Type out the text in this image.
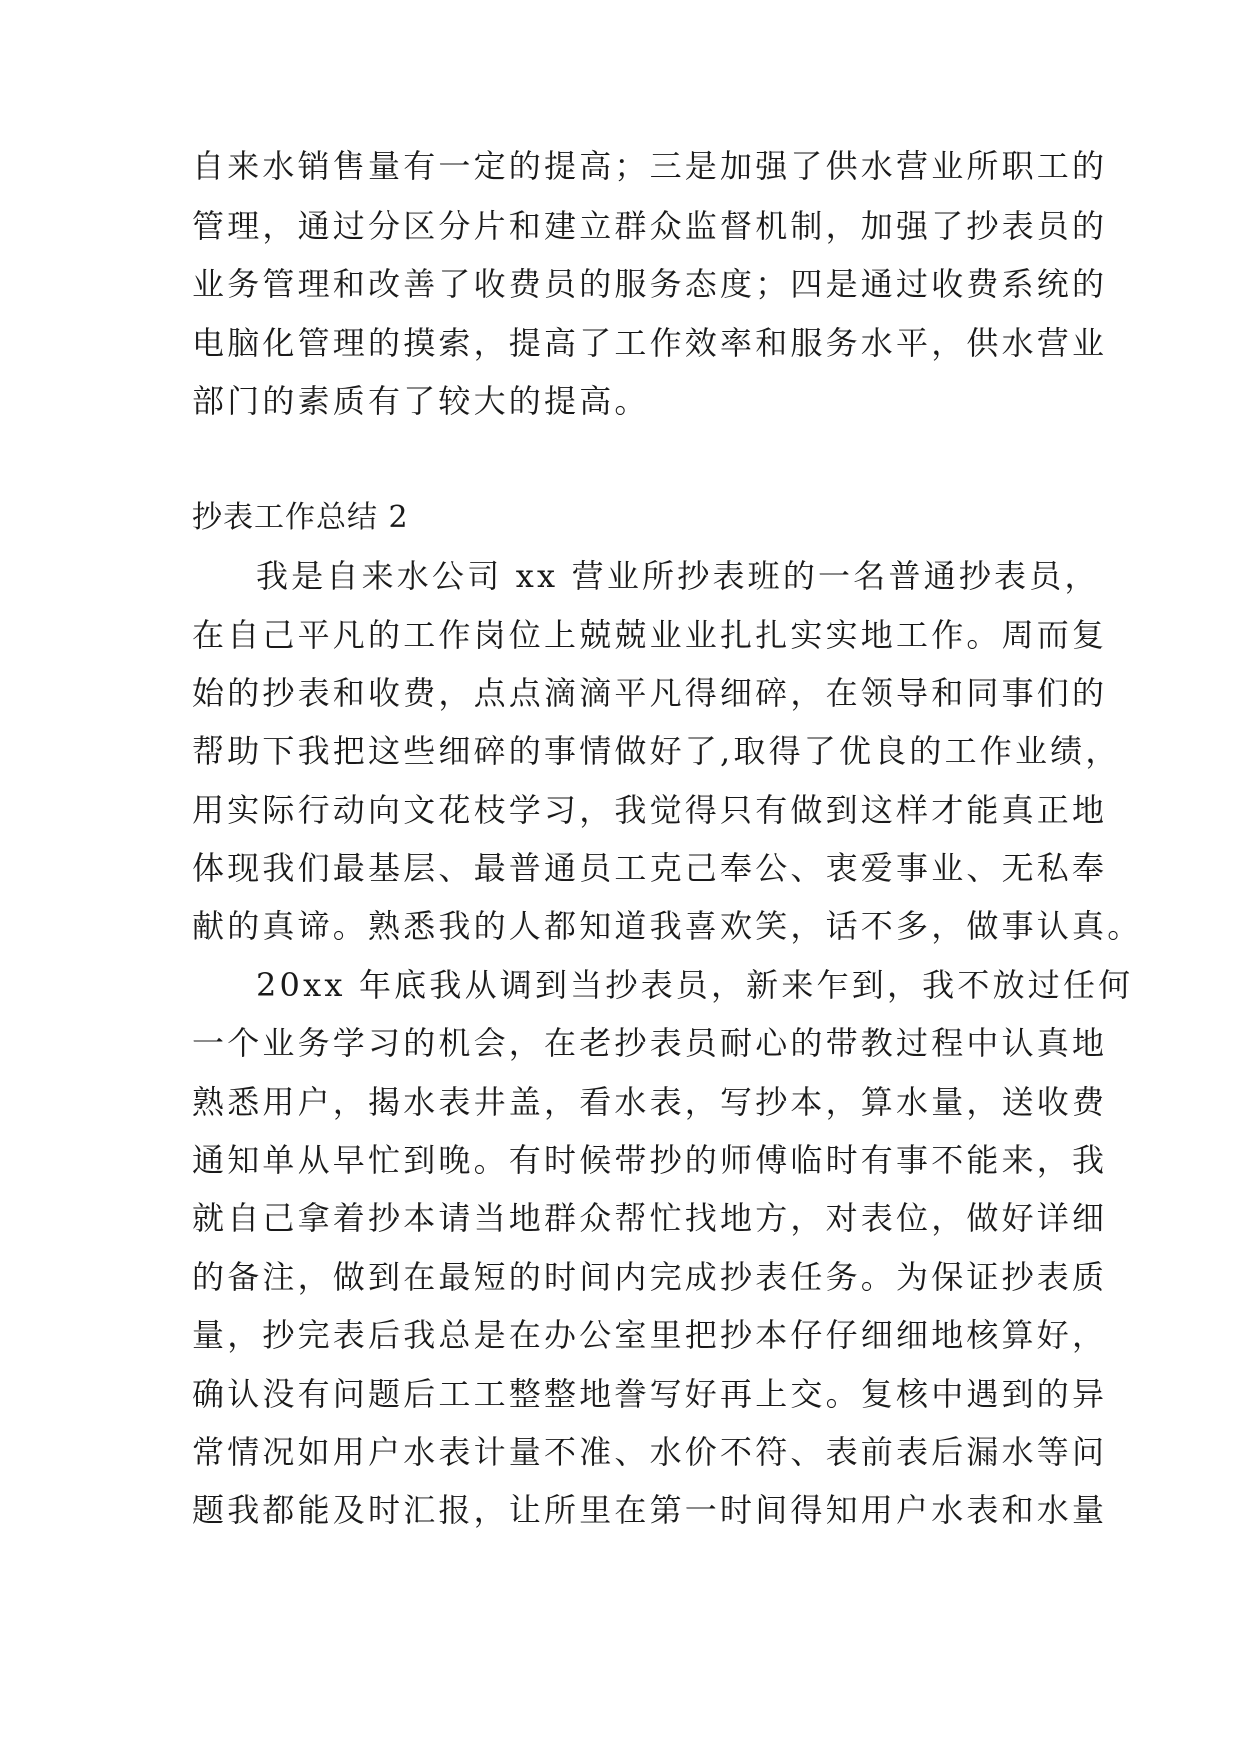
自来水销售量有一定的提高；三是加强了供水营业所职工的
管理，通过分区分片和建立群众监督机制，加强了抄表员的
业务管理和改善了收费员的服务态度；四是通过收费系统的
电脑化管理的摸索，提高了工作效率和服务水平，供水营业
部门的素质有了较大的提高。
抄表工作总结 2
我是自来水公司 xx 营业所抄表班的一名普通抄表员，
在自己平凡的工作岗位上兢兢业业扎扎实实地工作。周而复
始的抄表和收费，点点滴滴平凡得细碎，在领导和同事们的
帮助下我把这些细碎的事情做好了,取得了优良的工作业绩，
用实际行动向文花枝学习，我觉得只有做到这样才能真正地
体现我们最基层、最普通员工克己奉公、衷爱事业、无私奉
献的真谛。熟悉我的人都知道我喜欢笑，话不多，做事认真。
20xx 年底我从调到当抄表员，新来乍到，我不放过任何
一个业务学习的机会，在老抄表员耐心的带教过程中认真地
熟悉用户，揭水表井盖，看水表，写抄本，算水量，送收费
通知单从早忙到晚。有时候带抄的师傅临时有事不能来，我
就自己拿着抄本请当地群众帮忙找地方，对表位，做好详细
的备注，做到在最短的时间内完成抄表任务。为保证抄表质
量，抄完表后我总是在办公室里把抄本仔仔细细地核算好，
确认没有问题后工工整整地誊写好再上交。复核中遇到的异
常情况如用户水表计量不准、水价不符、表前表后漏水等问
题我都能及时汇报，让所里在第一时间得知用户水表和水量
